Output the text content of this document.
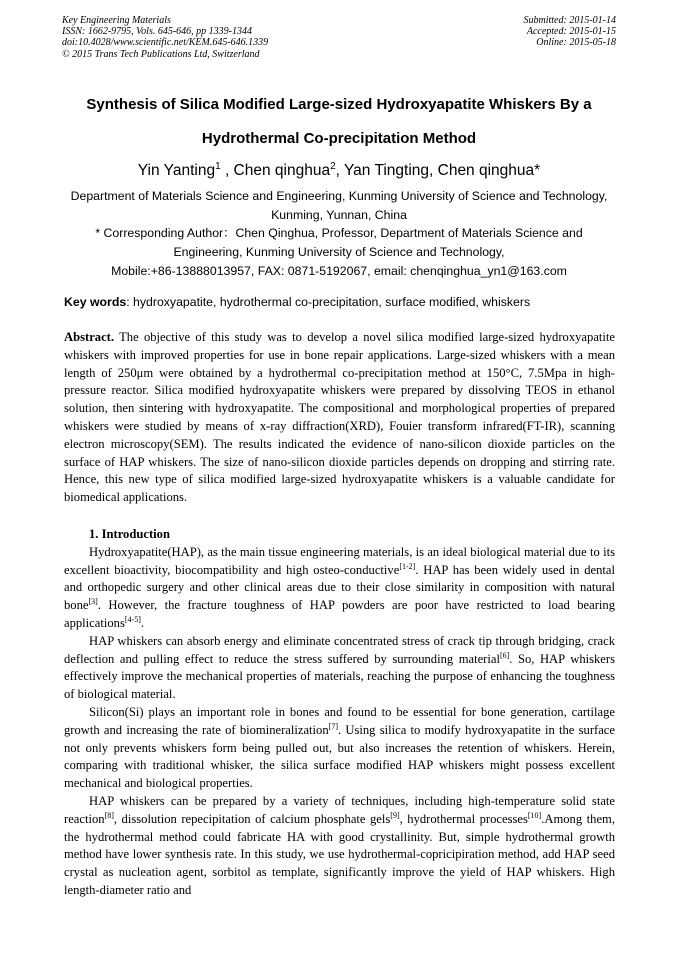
Key Engineering Materials
ISSN: 1662-9795, Vols. 645-646, pp 1339-1344
doi:10.4028/www.scientific.net/KEM.645-646.1339
© 2015 Trans Tech Publications Ltd, Switzerland
Submitted: 2015-01-14
Accepted: 2015-01-15
Online: 2015-05-18
Synthesis of Silica Modified Large-sized Hydroxyapatite Whiskers By a
Hydrothermal Co-precipitation Method
Yin Yanting$^1$ , Chen qinghua$^2$, Yan Tingting, Chen qinghua*
Department of Materials Science and Engineering, Kunming University of Science and Technology,
Kunming, Yunnan, China
* Corresponding Author：Chen Qinghua, Professor, Department of Materials Science and
Engineering, Kunming University of Science and Technology,
Mobile:+86-13888013957, FAX: 0871-5192067, email: chenqinghua_yn1@163.com
Key words: hydroxyapatite, hydrothermal co-precipitation, surface modified, whiskers

Abstract. The objective of this study was to develop a novel silica modified large-sized hydroxyapatite whiskers with improved properties for use in bone repair applications. Large-sized whiskers with a mean length of 250μm were obtained by a hydrothermal co-precipitation method at 150°C, 7.5Mpa in high-pressure reactor. Silica modified hydroxyapatite whiskers were prepared by dissolving TEOS in ethanol solution, then sintering with hydroxyapatite. The compositional and morphological properties of prepared whiskers were studied by means of x-ray diffraction(XRD), Fouier transform infrared(FT-IR), scanning electron microscopy(SEM). The results indicated the evidence of nano-silicon dioxide particles on the surface of HAP whiskers. The size of nano-silicon dioxide particles depends on dropping and stirring rate. Hence, this new type of silica modified large-sized hydroxyapatite whiskers is a valuable candidate for biomedical applications.

1. Introduction

Hydroxyapatite(HAP), as the main tissue engineering materials, is an ideal biological material due to its excellent bioactivity, biocompatibility and high osteo-conductive[1-2]. HAP has been widely used in dental and orthopedic surgery and other clinical areas due to their close similarity in composition with natural bone[3]. However, the fracture toughness of HAP powders are poor have restricted to load bearing applications[4-5].

HAP whiskers can absorb energy and eliminate concentrated stress of crack tip through bridging, crack deflection and pulling effect to reduce the stress suffered by surrounding material[6]. So, HAP whiskers effectively improve the mechanical properties of materials, reaching the purpose of enhancing the toughness of biological material.

Silicon(Si) plays an important role in bones and found to be essential for bone generation, cartilage growth and increasing the rate of biomineralization[7]. Using silica to modify hydroxyapatite in the surface not only prevents whiskers form being pulled out, but also increases the retention of whiskers. Herein, comparing with traditional whisker, the silica surface modified HAP whiskers might possess excellent mechanical and biological properties.

HAP whiskers can be prepared by a variety of techniques, including high-temperature solid state reaction[8], dissolution repecipitation of calcium phosphate gels[9], hydrothermal processes[10].Among them, the hydrothermal method could fabricate HA with good crystallinity. But, simple hydrothermal growth method have lower synthesis rate. In this study, we use hydrothermal-copricipiration method, add HAP seed crystal as nucleation agent, sorbitol as template, significantly improve the yield of HAP whiskers. High length-diameter ratio and
